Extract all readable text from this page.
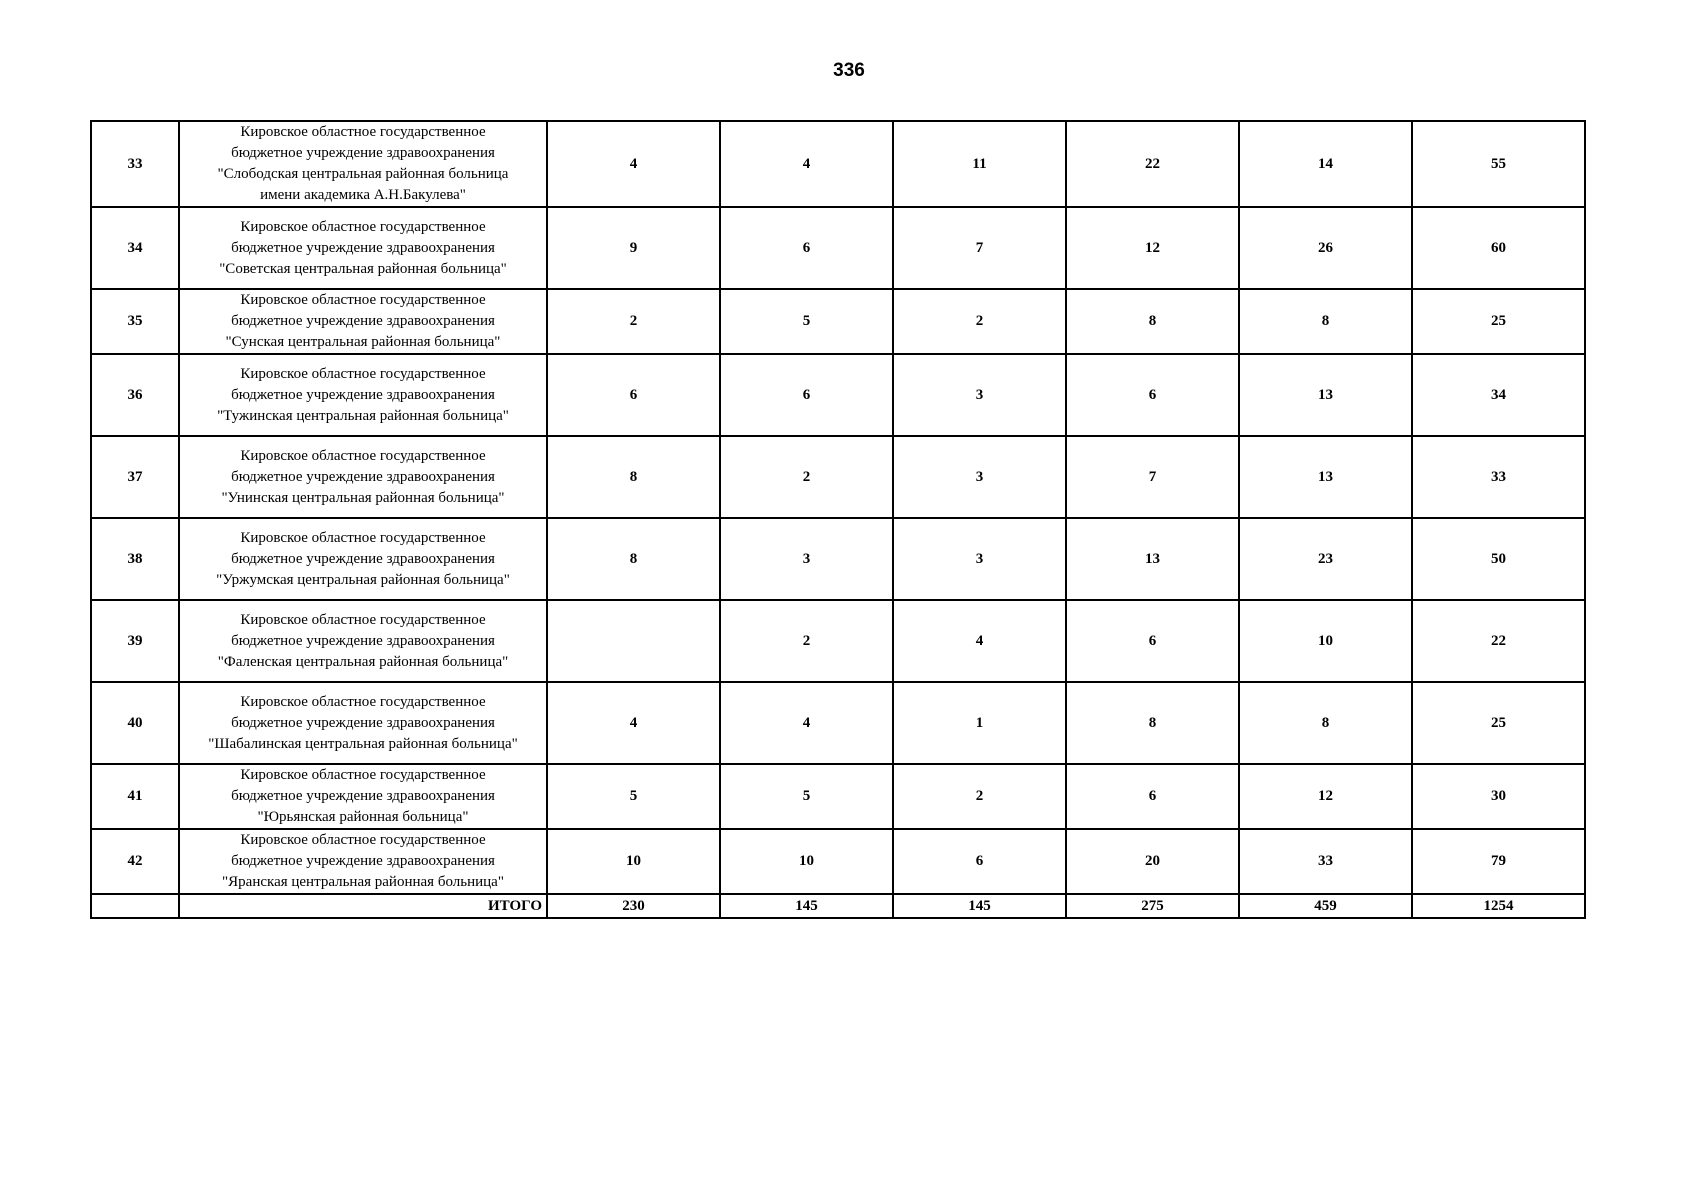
336
33	Кировское областное государственное
бюджетное учреждение здравоохранения
"Слободская центральная районная больница
имени академика А.Н.Бакулева"	4	4	11	22	14	55
34	Кировское областное государственное
бюджетное учреждение здравоохранения
"Советская центральная районная больница"	9	6	7	12	26	60
35	Кировское областное государственное
бюджетное учреждение здравоохранения
"Сунская центральная районная больница"	2	5	2	8	8	25
36	Кировское областное государственное
бюджетное учреждение здравоохранения
"Тужинская центральная районная больница"	6	6	3	6	13	34
37	Кировское областное государственное
бюджетное учреждение здравоохранения
"Унинская центральная районная больница"	8	2	3	7	13	33
38	Кировское областное государственное
бюджетное учреждение здравоохранения
"Уржумская центральная районная больница"	8	3	3	13	23	50
39	Кировское областное государственное
бюджетное учреждение здравоохранения
"Фаленская центральная районная больница"		2	4	6	10	22
40	Кировское областное государственное
бюджетное учреждение здравоохранения
"Шабалинская центральная районная больница"	4	4	1	8	8	25
41	Кировское областное государственное
бюджетное учреждение здравоохранения
"Юрьянская районная больница"	5	5	2	6	12	30
42	Кировское областное государственное
бюджетное учреждение здравоохранения
"Яранская центральная районная больница"	10	10	6	20	33	79
	ИТОГО	230	145	145	275	459	1254
